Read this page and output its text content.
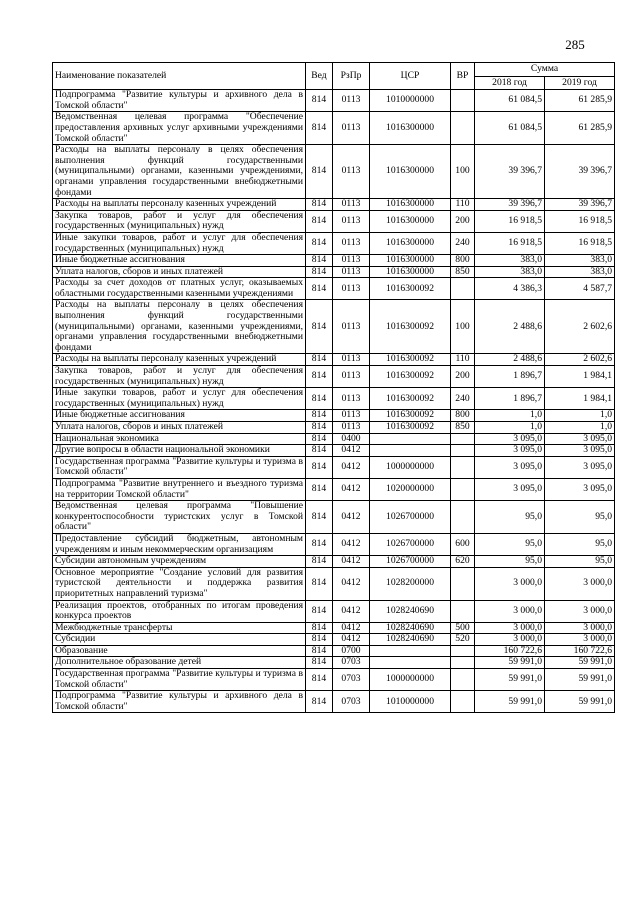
285
Наименование показателей	Вед	РзПр	ЦСР	ВР	Сумма	
					2018 год	2019 год
Подпрограмма "Развитие культуры и архивного дела в Томской области"	814	0113	1010000000		61 084,5	61 285,9
Ведомственная целевая программа "Обеспечение предоставления архивных услуг архивными учреждениями Томской области"	814	0113	1016300000		61 084,5	61 285,9
Расходы на выплаты персоналу в целях обеспечения выполнения функций государственными (муниципальными) органами, казенными учреждениями, органами управления государственными внебюджетными фондами	814	0113	1016300000	100	39 396,7	39 396,7
Расходы на выплаты персоналу казенных учреждений	814	0113	1016300000	110	39 396,7	39 396,7
Закупка товаров, работ и услуг для обеспечения государственных (муниципальных) нужд	814	0113	1016300000	200	16 918,5	16 918,5
Иные закупки товаров, работ и услуг для обеспечения государственных (муниципальных) нужд	814	0113	1016300000	240	16 918,5	16 918,5
Иные бюджетные ассигнования	814	0113	1016300000	800	383,0	383,0
Уплата налогов, сборов и иных платежей	814	0113	1016300000	850	383,0	383,0
Расходы за счет доходов от платных услуг, оказываемых областными государственными казенными учреждениями	814	0113	1016300092		4 386,3	4 587,7
Расходы на выплаты персоналу в целях обеспечения выполнения функций государственными (муниципальными) органами, казенными учреждениями, органами управления государственными внебюджетными фондами	814	0113	1016300092	100	2 488,6	2 602,6
Расходы на выплаты персоналу казенных учреждений	814	0113	1016300092	110	2 488,6	2 602,6
Закупка товаров, работ и услуг для обеспечения государственных (муниципальных) нужд	814	0113	1016300092	200	1 896,7	1 984,1
Иные закупки товаров, работ и услуг для обеспечения государственных (муниципальных) нужд	814	0113	1016300092	240	1 896,7	1 984,1
Иные бюджетные ассигнования	814	0113	1016300092	800	1,0	1,0
Уплата налогов, сборов и иных платежей	814	0113	1016300092	850	1,0	1,0
Национальная экономика	814	0400			3 095,0	3 095,0
Другие вопросы в области национальной экономики	814	0412			3 095,0	3 095,0
Государственная программа "Развитие культуры и туризма в Томской области"	814	0412	1000000000		3 095,0	3 095,0
Подпрограмма "Развитие внутреннего и въездного туризма на территории Томской области"	814	0412	1020000000		3 095,0	3 095,0
Ведомственная целевая программа "Повышение конкурентоспособности туристских услуг в Томской области"	814	0412	1026700000		95,0	95,0
Предоставление субсидий бюджетным, автономным учреждениям и иным некоммерческим организациям	814	0412	1026700000	600	95,0	95,0
Субсидии автономным учреждениям	814	0412	1026700000	620	95,0	95,0
Основное мероприятие "Создание условий для развития туристской деятельности и поддержка развития приоритетных направлений туризма"	814	0412	1028200000		3 000,0	3 000,0
Реализация проектов, отобранных по итогам проведения конкурса проектов	814	0412	1028240690		3 000,0	3 000,0
Межбюджетные трансферты	814	0412	1028240690	500	3 000,0	3 000,0
Субсидии	814	0412	1028240690	520	3 000,0	3 000,0
Образование	814	0700			160 722,6	160 722,6
Дополнительное образование детей	814	0703			59 991,0	59 991,0
Государственная программа "Развитие культуры и туризма в Томской области"	814	0703	1000000000		59 991,0	59 991,0
Подпрограмма "Развитие культуры и архивного дела в Томской области"	814	0703	1010000000		59 991,0	59 991,0
